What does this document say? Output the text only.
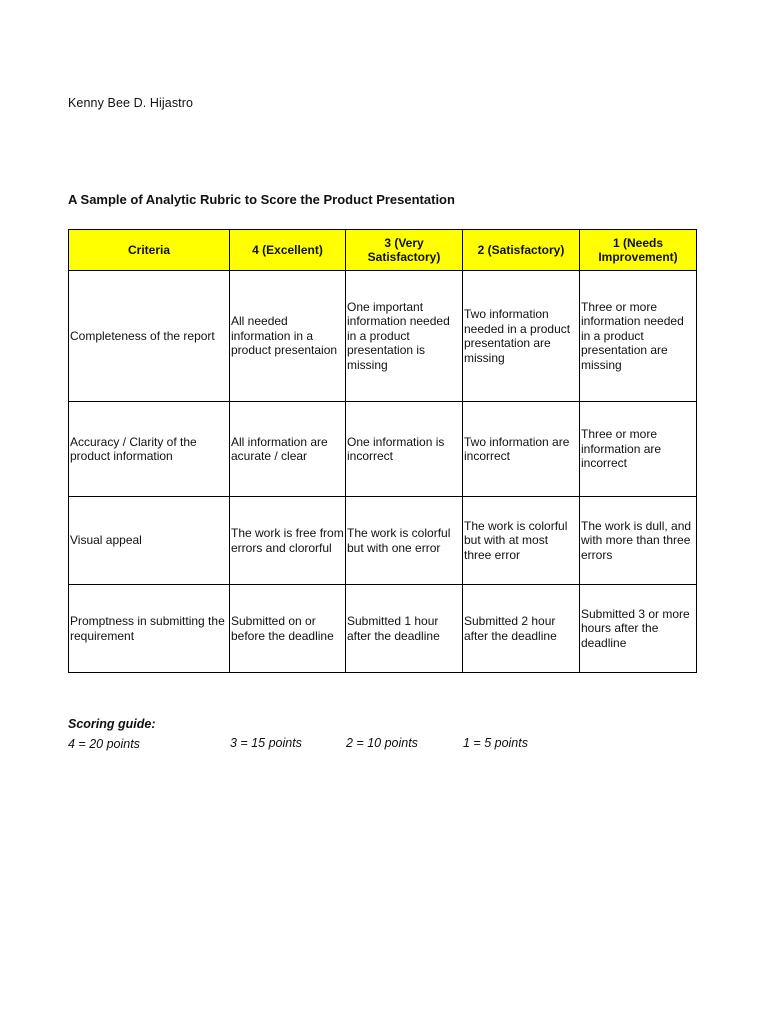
Kenny Bee D. Hijastro
A Sample of Analytic Rubric to Score the Product Presentation
Criteria	4 (Excellent)	3 (Very Satisfactory)	2 (Satisfactory)	1 (Needs Improvement)
Completeness of the report	All needed information in a product presentaion	One important information needed in a product presentation is missing	Two information needed in a product presentation are missing	Three or more information needed in a product presentation are missing
Accuracy / Clarity of the product information	All information are acurate / clear	One information is incorrect	Two information are incorrect	Three or more information are incorrect
Visual appeal	The work is free from errors and clororful	The work is colorful but with one error	The work is colorful but with at most three error	The work is dull, and with more than three errors
Promptness in submitting the requirement	Submitted on or before the deadline	Submitted 1 hour after the deadline	Submitted 2 hour after the deadline	Submitted 3 or more hours after the deadline
Scoring guide:
4 = 20 points	3 = 15 points	2 = 10 points	1 = 5 points
